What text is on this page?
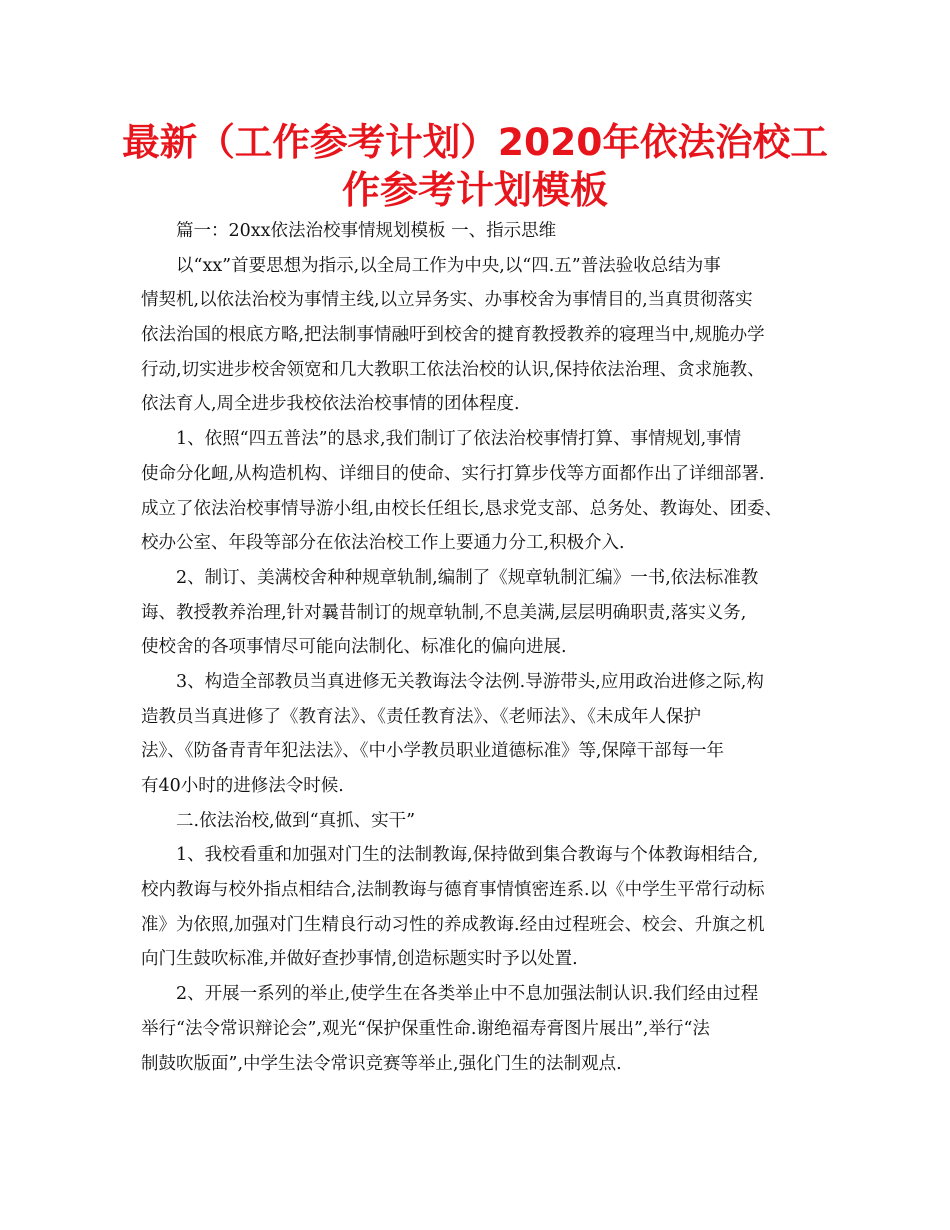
最新（工作参考计划）2020年依法治校工
作参考计划模板
篇一：20xx依法治校事情规划模板 一、指示思维
以“xx”首要思想为指示,以全局工作为中央,以“四.五”普法验收总结为事
情契机,以依法治校为事情主线,以立异务实、办事校舍为事情目的,当真贯彻落实
依法治国的根底方略,把法制事情融吁到校舍的揵育教授教养的寝理当中,规脆办学
行动,切实进步校舍领宽和几大教职工依法治校的认识,保持依法治理、贪求施教、
依法育人,周全进步我校依法治校事情的团体程度.
1、依照“四五普法”的恳求,我们制订了依法治校事情打算、事情规划,事情
使命分化衄,从构造机构、详细目的使命、实行打算步伐等方面都作出了详细部署.
成立了依法治校事情导游小组,由校长任组长,恳求党支部、总务处、教诲处、团委、
校办公室、年段等部分在依法治校工作上要通力分工,积极介入.
2、制订、美满校舍种种规章轨制,编制了《规章轨制汇编》一书,依法标准教
诲、教授教养治理,针对曩昔制订的规章轨制,不息美满,层层明确职责,落实义务,
使校舍的各项事情尽可能向法制化、标准化的偏向进展.
3、构造全部教员当真进修无关教诲法令法例.导游带头,应用政治进修之际,构
造教员当真进修了《教育法》、《责任教育法》、《老师法》、《未成年人保护
法》、《防备青青年犯法法》、《中小学教员职业道德标准》等,保障干部每一年
有40小时的进修法令时候.
二.依法治校,做到“真抓、实干”
1、我校看重和加强对门生的法制教诲,保持做到集合教诲与个体教诲相结合,
校内教诲与校外指点相结合,法制教诲与德育事情慎密连系.以《中学生平常行动标
准》为依照,加强对门生精良行动习性的养成教诲.经由过程班会、校会、升旗之机
向门生鼓吹标准,并做好查抄事情,创造标题实时予以处置.
2、开展一系列的举止,使学生在各类举止中不息加强法制认识.我们经由过程
举行“法令常识辩论会”,观光“保护保重性命.谢绝福寿膏图片展出”,举行“法
制鼓吹版面”,中学生法令常识竞赛等举止,强化门生的法制观点.
